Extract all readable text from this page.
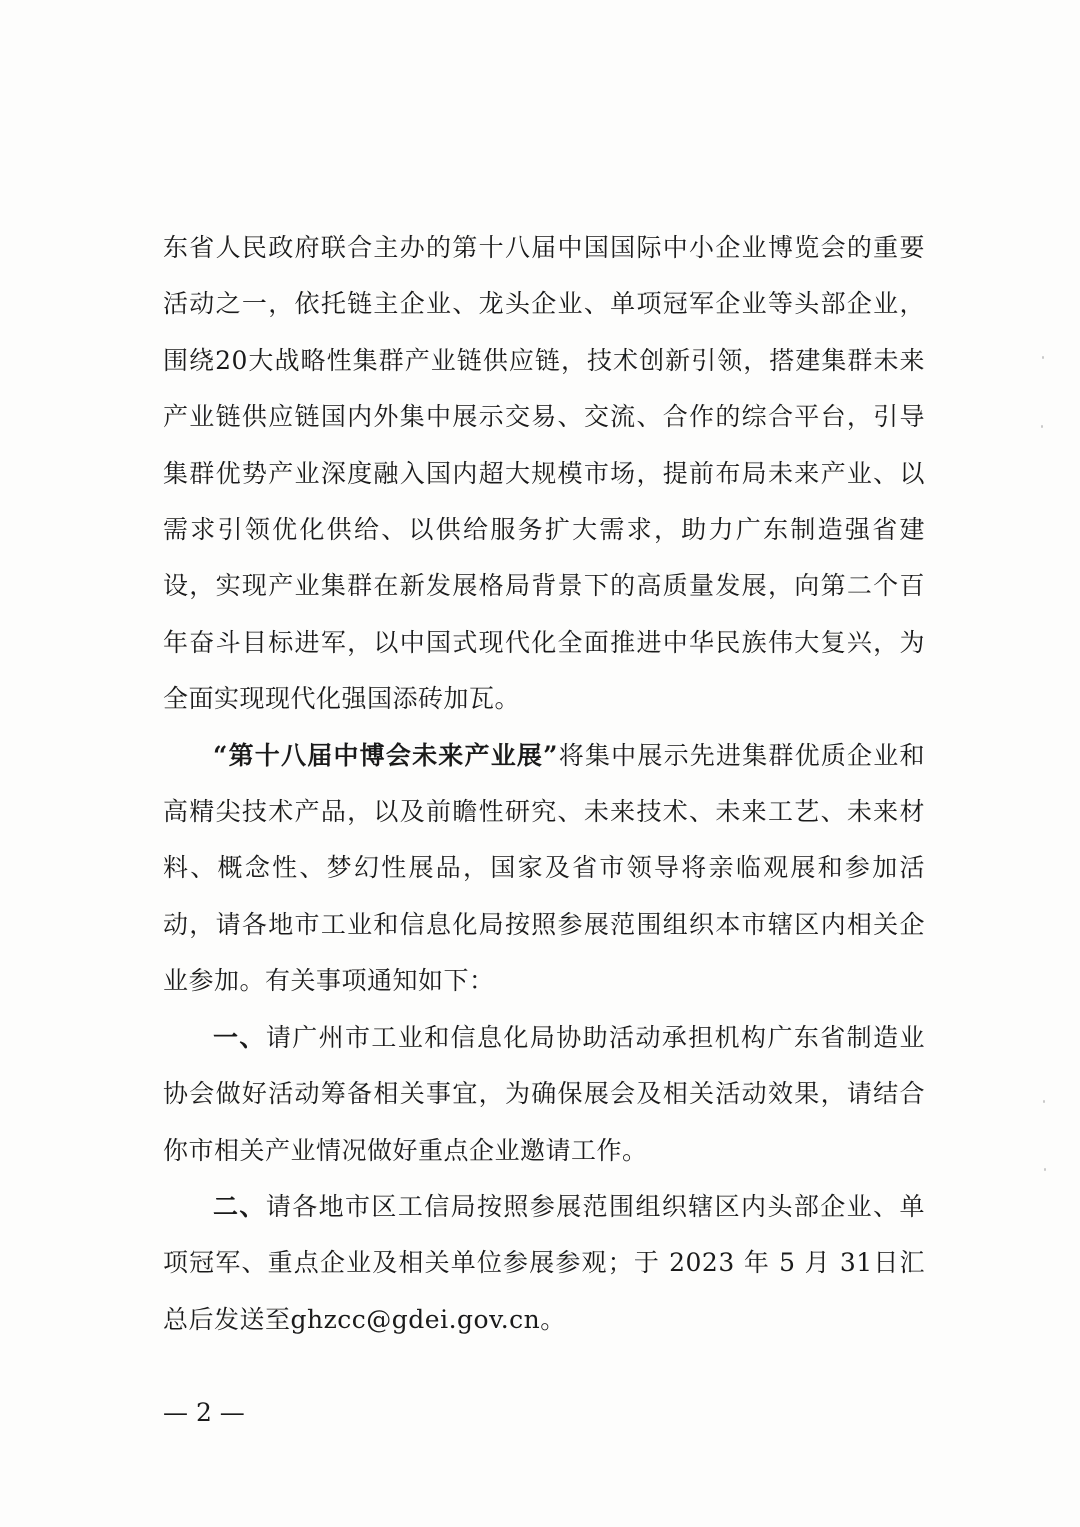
东省人民政府联合主办的第十八届中国国际中小企业博览会的重要活动之一，依托链主企业、龙头企业、单项冠军企业等头部企业，围绕20大战略性集群产业链供应链，技术创新引领，搭建集群未来产业链供应链国内外集中展示交易、交流、合作的综合平台，引导集群优势产业深度融入国内超大规模市场，提前布局未来产业、以需求引领优化供给、以供给服务扩大需求，助力广东制造强省建设，实现产业集群在新发展格局背景下的高质量发展，向第二个百年奋斗目标进军，以中国式现代化全面推进中华民族伟大复兴，为全面实现现代化强国添砖加瓦。

“第十八届中博会未来产业展”将集中展示先进集群优质企业和高精尖技术产品，以及前瞻性研究、未来技术、未来工艺、未来材料、概念性、梦幻性展品，国家及省市领导将亲临观展和参加活动，请各地市工业和信息化局按照参展范围组织本市辖区内相关企业参加。有关事项通知如下：

一、请广州市工业和信息化局协助活动承担机构广东省制造业协会做好活动筹备相关事宜，为确保展会及相关活动效果，请结合你市相关产业情况做好重点企业邀请工作。

二、请各地市区工信局按照参展范围组织辖区内头部企业、单项冠军、重点企业及相关单位参展参观；于 2023 年 5 月 31日汇总后发送至ghzcc@gdei.gov.cn。

— 2 —
